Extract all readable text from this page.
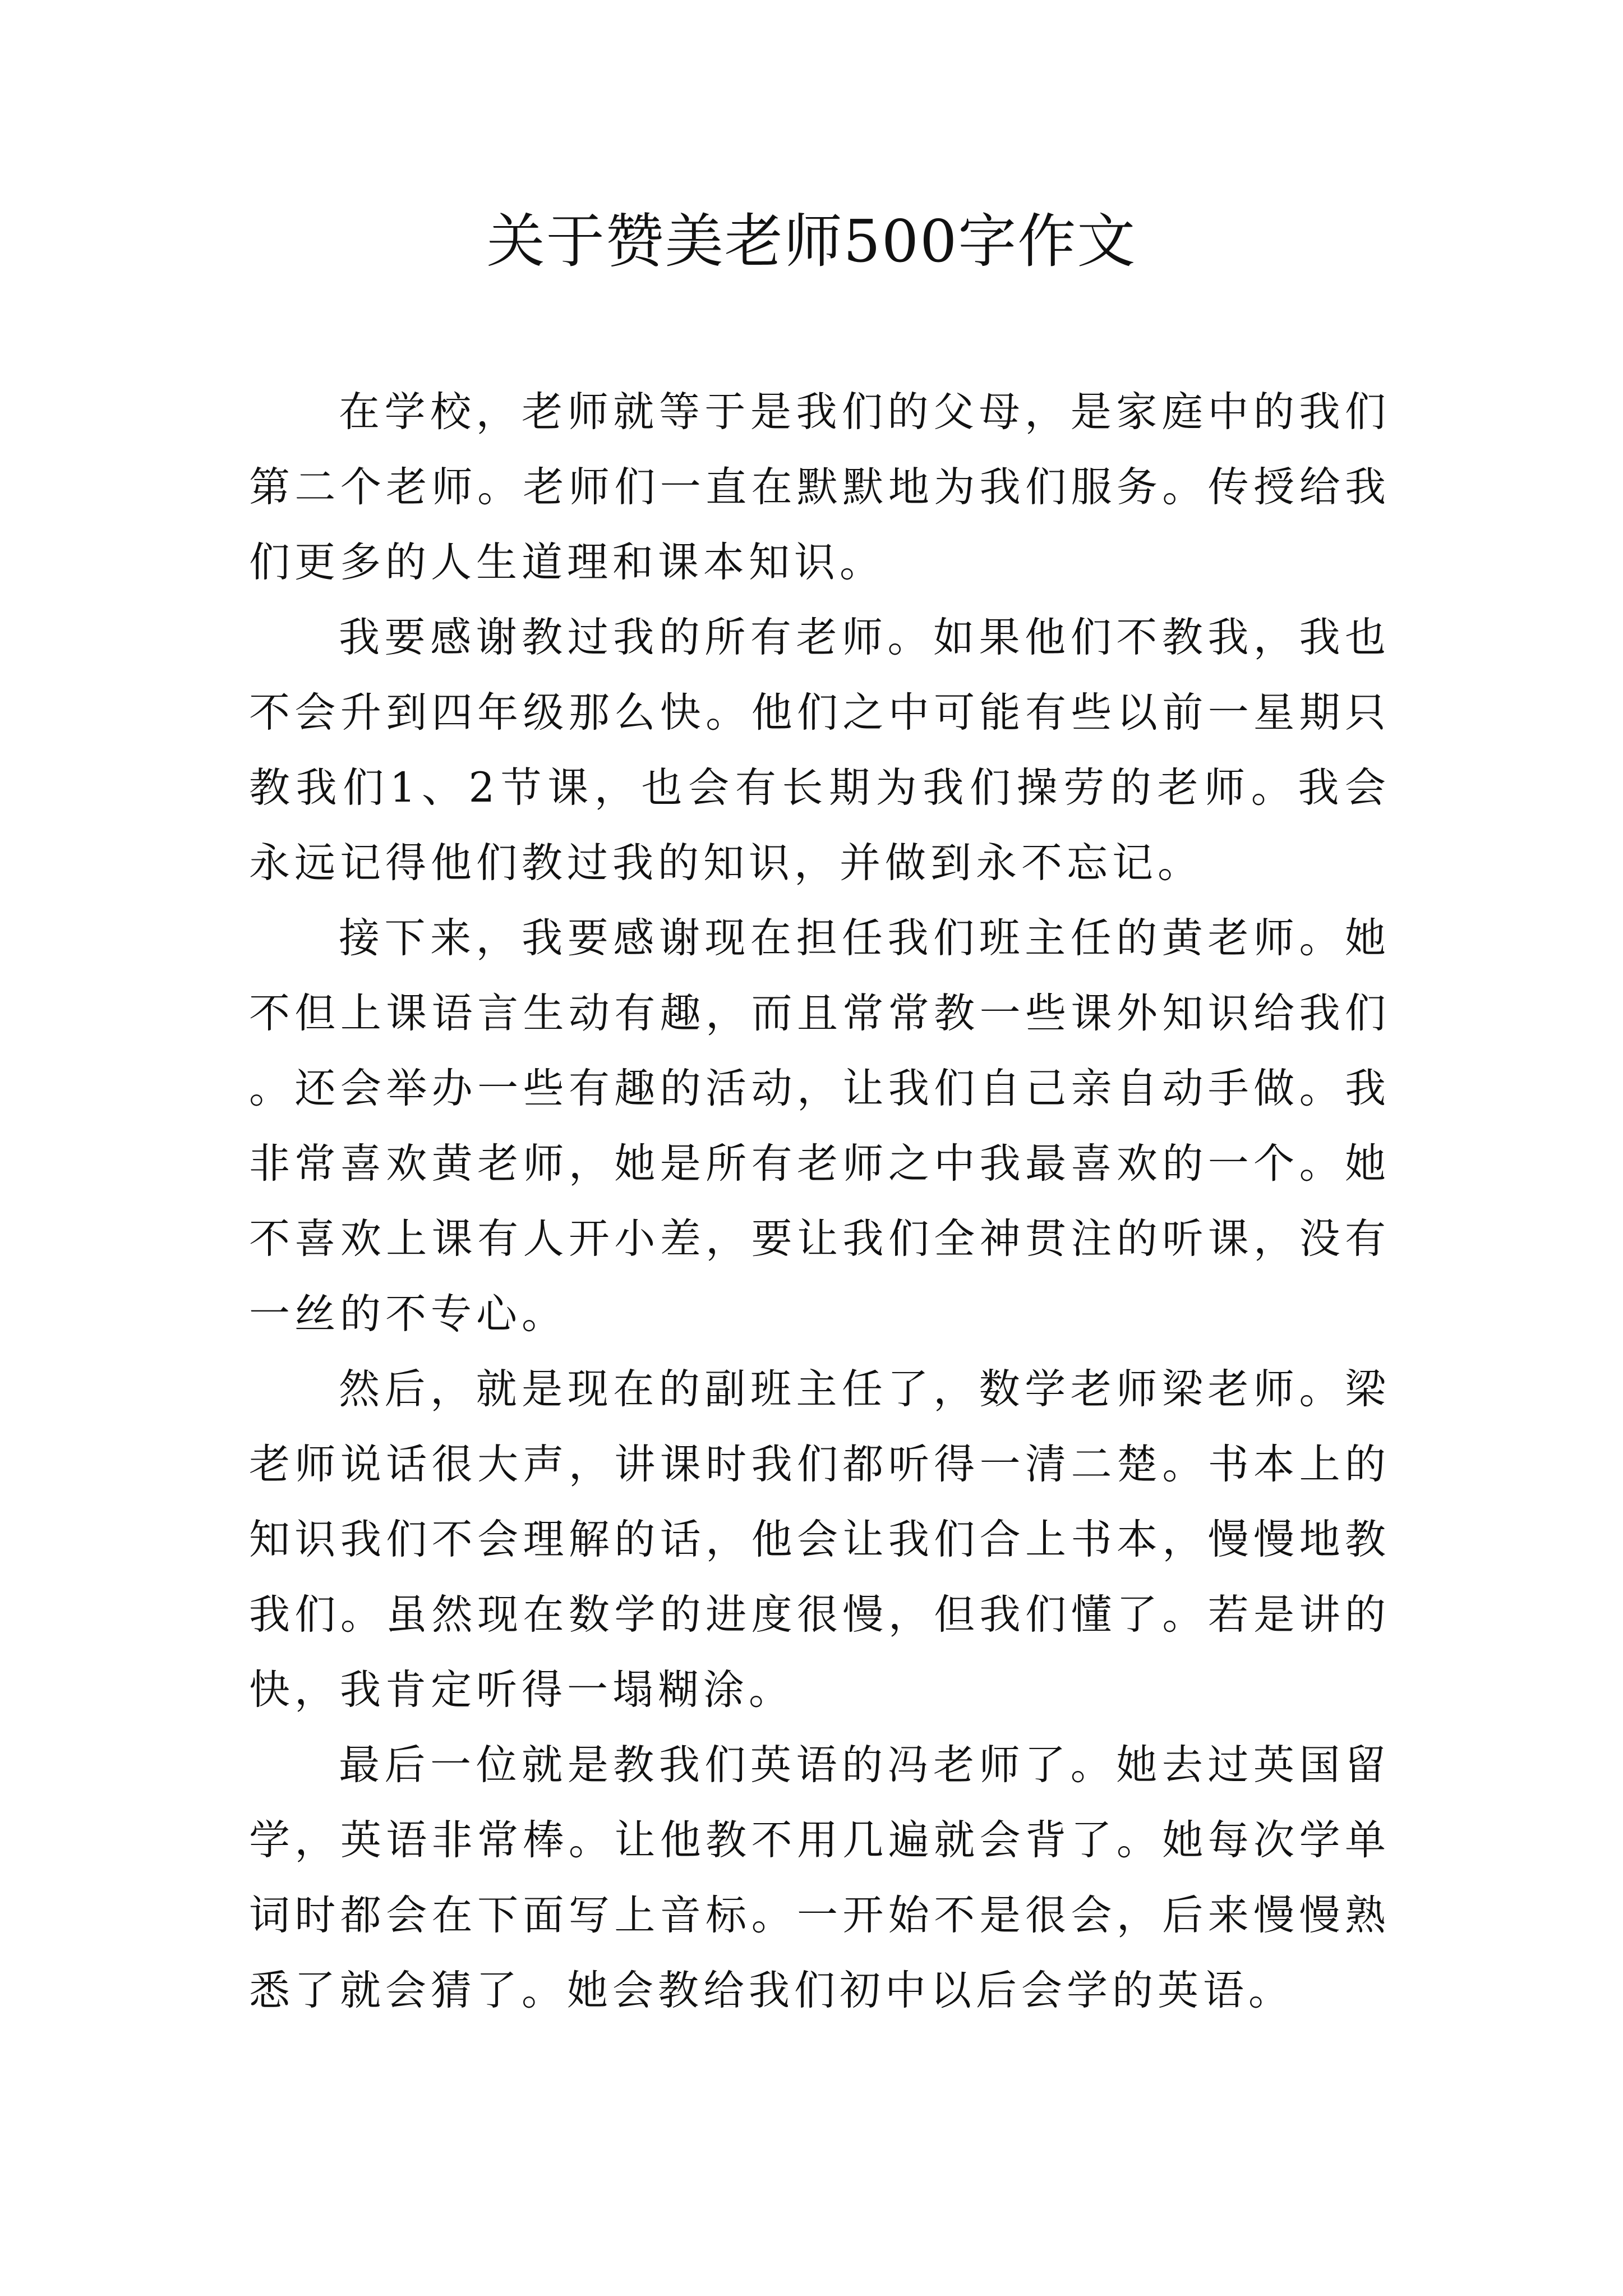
关于赞美老师500字作文

在学校，老师就等于是我们的父母，是家庭中的我们第二个老师。老师们一直在默默地为我们服务。传授给我们更多的人生道理和课本知识。

我要感谢教过我的所有老师。如果他们不教我，我也不会升到四年级那么快。他们之中可能有些以前一星期只教我们1、2节课，也会有长期为我们操劳的老师。我会永远记得他们教过我的知识，并做到永不忘记。

接下来，我要感谢现在担任我们班主任的黄老师。她不但上课语言生动有趣，而且常常教一些课外知识给我们。还会举办一些有趣的活动，让我们自己亲自动手做。我非常喜欢黄老师，她是所有老师之中我最喜欢的一个。她不喜欢上课有人开小差，要让我们全神贯注的听课，没有一丝的不专心。

然后，就是现在的副班主任了，数学老师梁老师。梁老师说话很大声，讲课时我们都听得一清二楚。书本上的知识我们不会理解的话，他会让我们合上书本，慢慢地教我们。虽然现在数学的进度很慢，但我们懂了。若是讲的快，我肯定听得一塌糊涂。

最后一位就是教我们英语的冯老师了。她去过英国留学，英语非常棒。让他教不用几遍就会背了。她每次学单词时都会在下面写上音标。一开始不是很会，后来慢慢熟悉了就会猜了。她会教给我们初中以后会学的英语。
